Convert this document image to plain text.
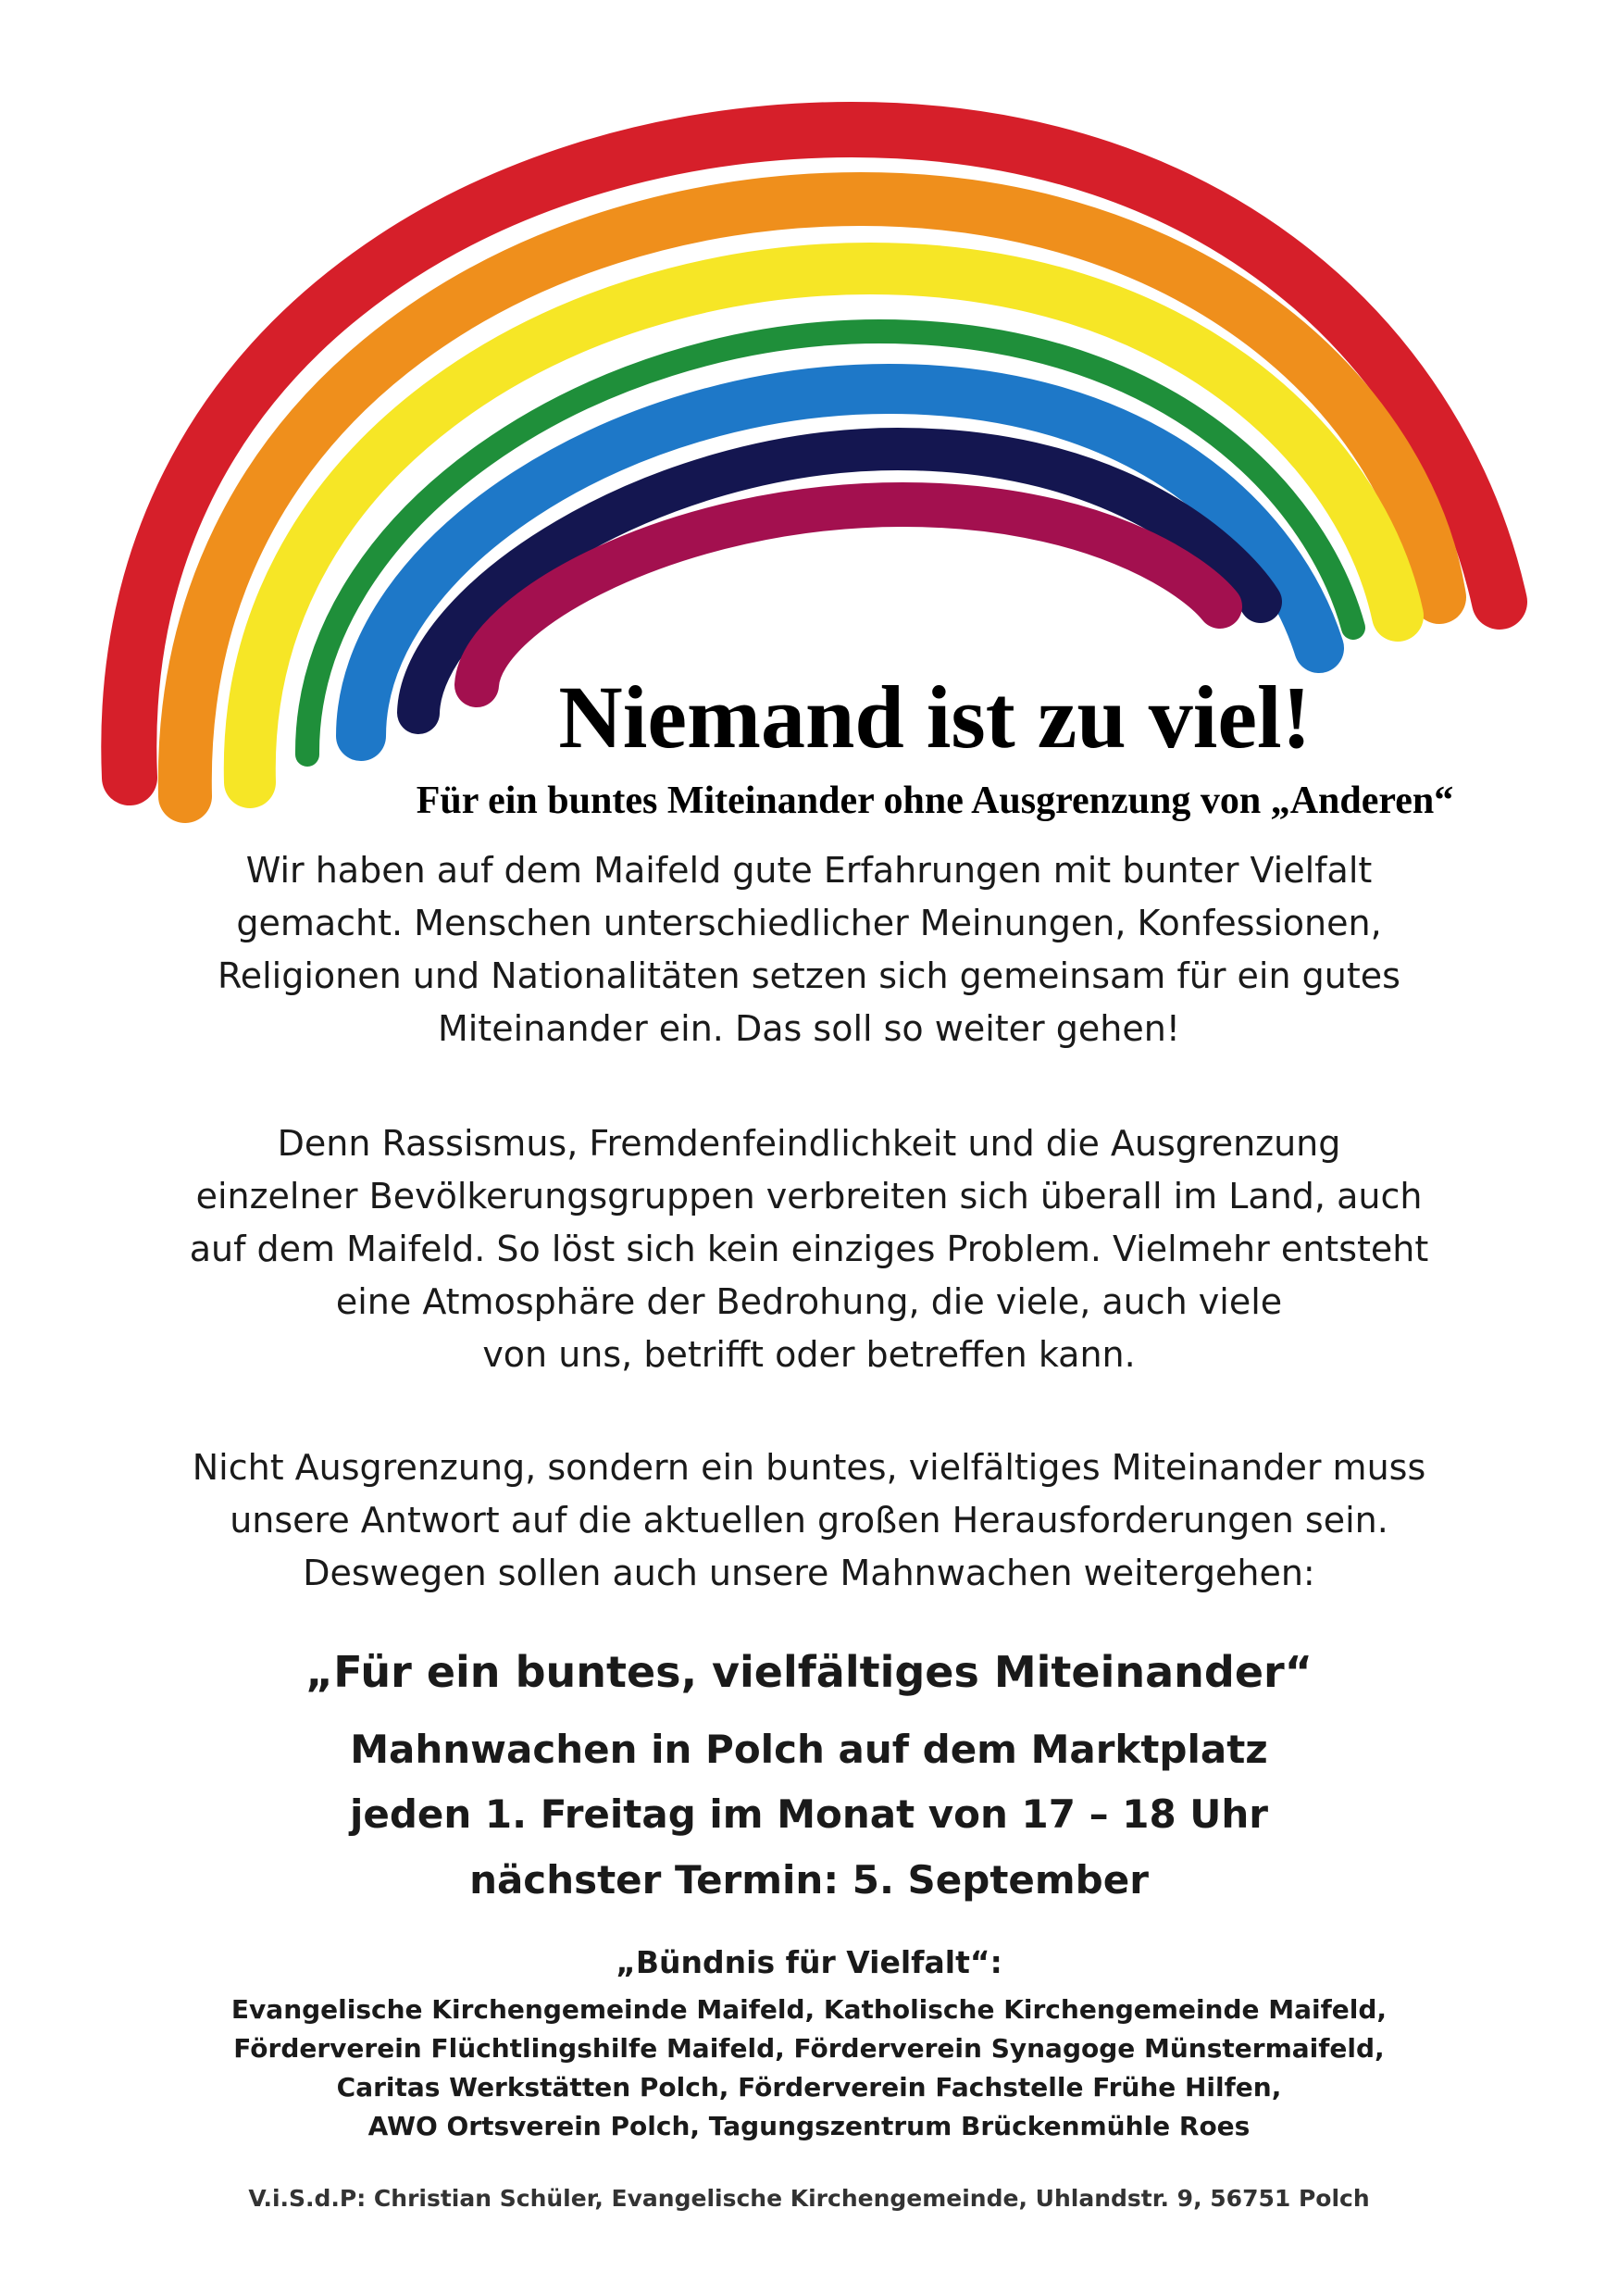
Niemand ist zu viel!
Für ein buntes Miteinander ohne Ausgrenzung von „Anderen“

Wir haben auf dem Maifeld gute Erfahrungen mit bunter Vielfalt
gemacht. Menschen unterschiedlicher Meinungen, Konfessionen,
Religionen und Nationalitäten setzen sich gemeinsam für ein gutes
Miteinander ein. Das soll so weiter gehen!

Denn Rassismus, Fremdenfeindlichkeit und die Ausgrenzung
einzelner Bevölkerungsgruppen verbreiten sich überall im Land, auch
auf dem Maifeld. So löst sich kein einziges Problem. Vielmehr entsteht
eine Atmosphäre der Bedrohung, die viele, auch viele
von uns, betrifft oder betreffen kann.

Nicht Ausgrenzung, sondern ein buntes, vielfältiges Miteinander muss
unsere Antwort auf die aktuellen großen Herausforderungen sein.
Deswegen sollen auch unsere Mahnwachen weitergehen:

„Für ein buntes, vielfältiges Miteinander“

Mahnwachen in Polch auf dem Marktplatz

jeden 1. Freitag im Monat von 17 – 18 Uhr

nächster Termin: 5. September

„Bündnis für Vielfalt“:

Evangelische Kirchengemeinde Maifeld, Katholische Kirchengemeinde Maifeld,
Förderverein Flüchtlingshilfe Maifeld, Förderverein Synagoge Münstermaifeld,
Caritas Werkstätten Polch, Förderverein Fachstelle Frühe Hilfen,
AWO Ortsverein Polch, Tagungszentrum Brückenmühle Roes

V.i.S.d.P: Christian Schüler, Evangelische Kirchengemeinde, Uhlandstr. 9, 56751 Polch
